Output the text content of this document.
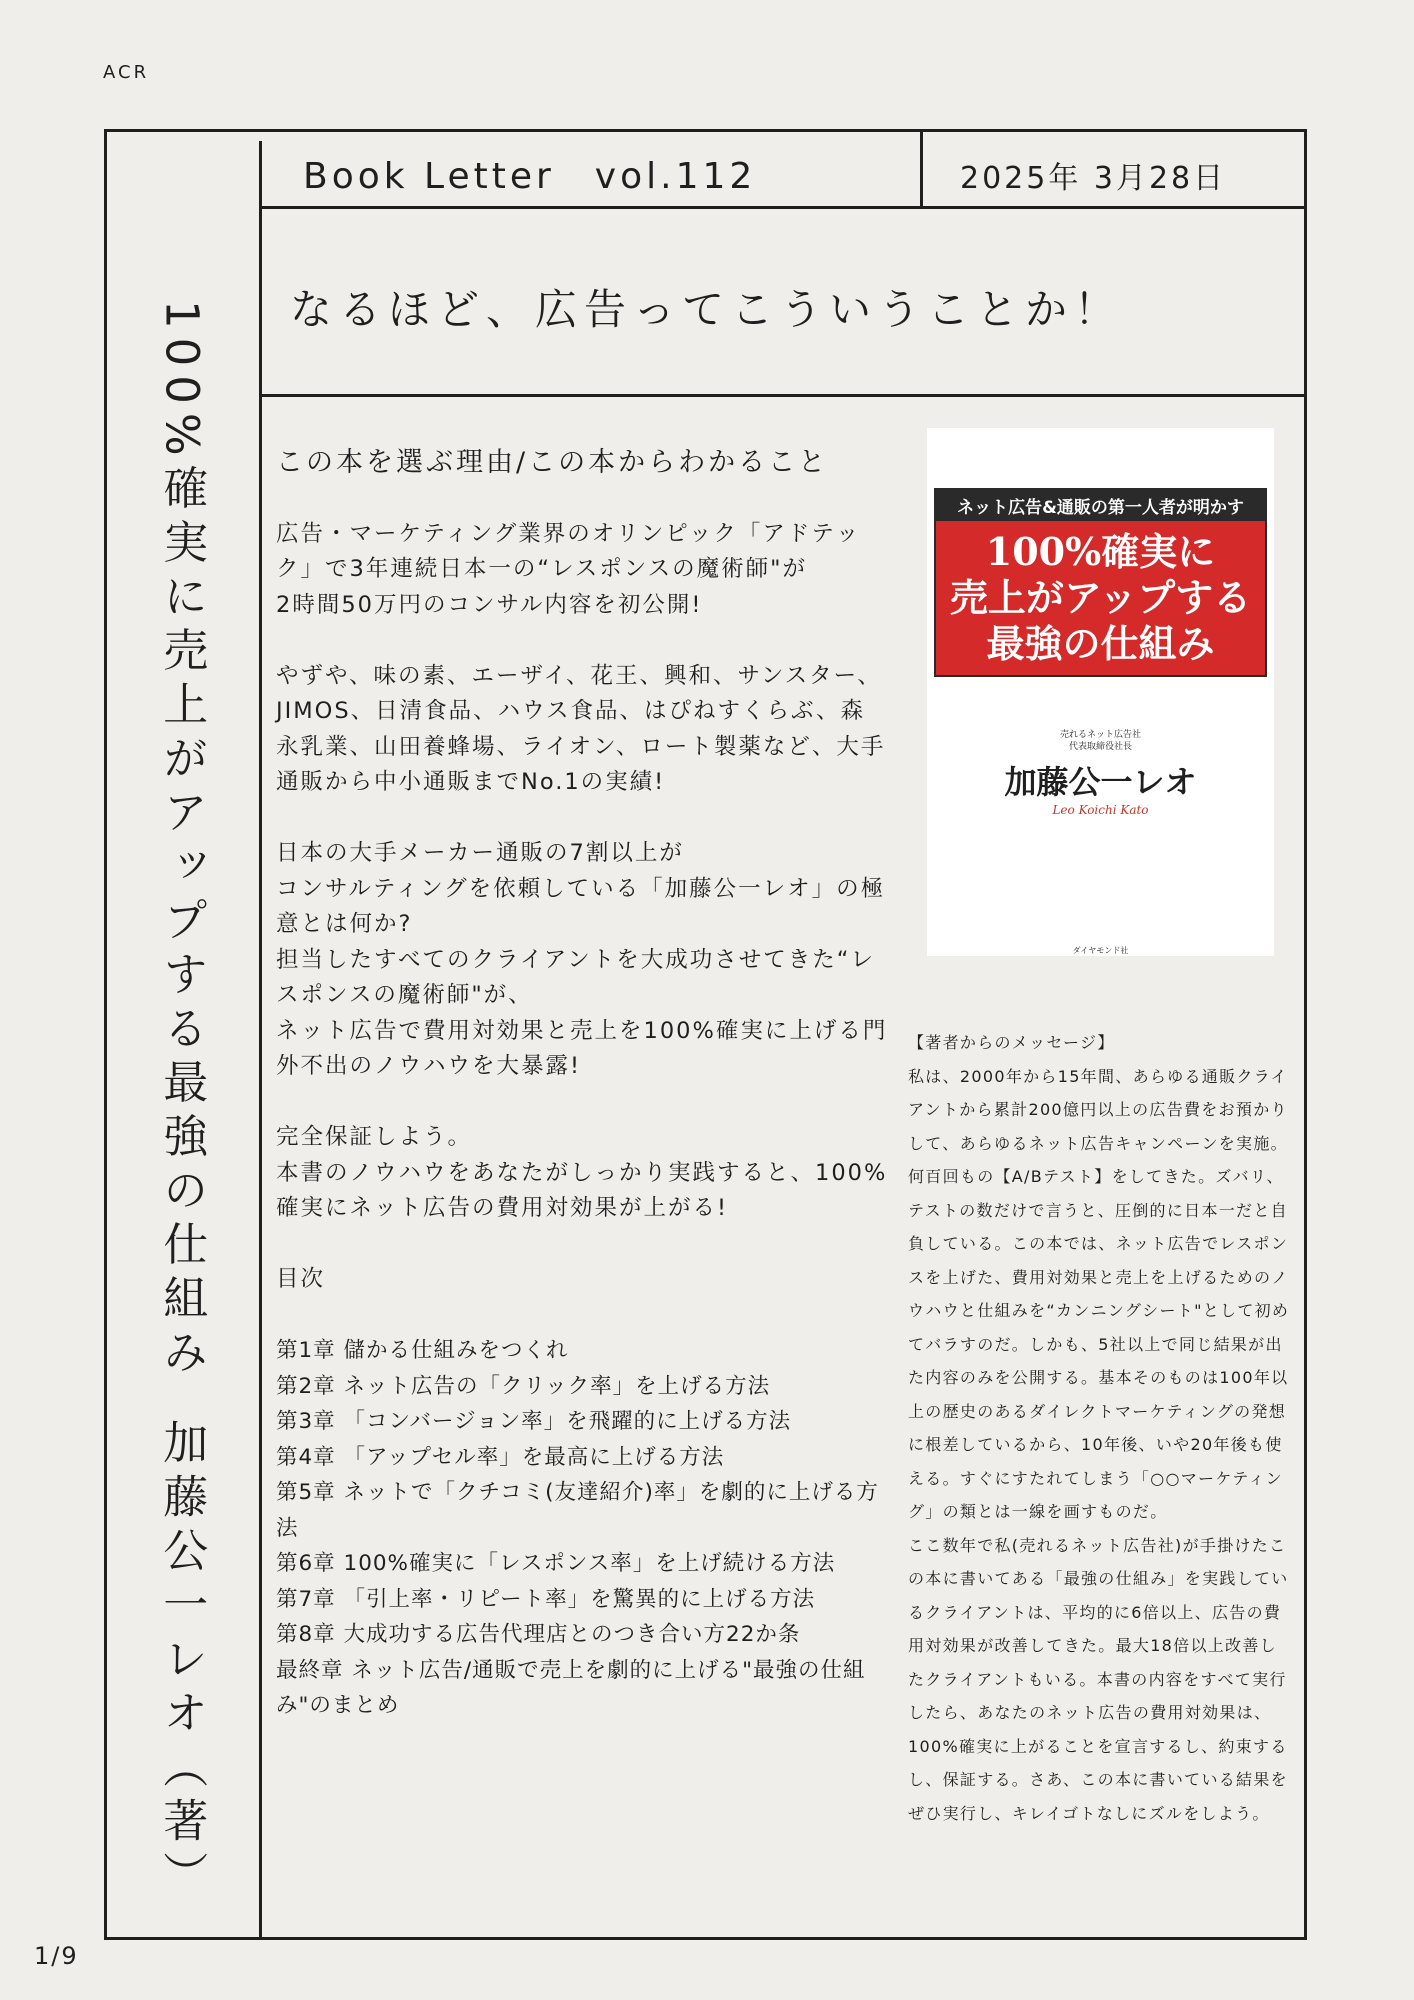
ACR
1/9
100%確実に売上がアップする最強の仕組み加藤公一レオ（著）
Book Letter　vol.112	2025年 3月28日
なるほど、広告ってこういうことか！
この本を選ぶ理由/この本からわかること

広告・マーケティング業界のオリンピック「アドテック」で3年連続日本一の“レスポンスの魔術師"が
2時間50万円のコンサル内容を初公開!

やずや、味の素、エーザイ、花王、興和、サンスター、JIMOS、日清食品、ハウス食品、はぴねすくらぶ、森永乳業、山田養蜂場、ライオン、ロート製薬など、大手通販から中小通販までNo.1の実績!

日本の大手メーカー通販の7割以上が
コンサルティングを依頼している「加藤公一レオ」の極意とは何か?
担当したすべてのクライアントを大成功させてきた“レスポンスの魔術師"が、
ネット広告で費用対効果と売上を100%確実に上げる門外不出のノウハウを大暴露!

完全保証しよう。
本書のノウハウをあなたがしっかり実践すると、100%確実にネット広告の費用対効果が上がる!

目次

第1章 儲かる仕組みをつくれ
第2章 ネット広告の「クリック率」を上げる方法
第3章 「コンバージョン率」を飛躍的に上げる方法
第4章 「アップセル率」を最高に上げる方法
第5章 ネットで「クチコミ(友達紹介)率」を劇的に上げる方法
第6章 100%確実に「レスポンス率」を上げ続ける方法
第7章 「引上率・リピート率」を驚異的に上げる方法
第8章 大成功する広告代理店とのつき合い方22か条
最終章 ネット広告/通販で売上を劇的に上げる"最強の仕組み"のまとめ
ネット広告&通販の第一人者が明かす
100%確実に
売上がアップする
最強の仕組み
売れるネット広告社
代表取締役社長
加藤公一レオ
Leo Koichi Kato
ダイヤモンド社

【著者からのメッセージ】

私は、2000年から15年間、あらゆる通販クライアントから累計200億円以上の広告費をお預かりして、あらゆるネット広告キャンペーンを実施。何百回もの【A/Bテスト】をしてきた。ズバリ、テストの数だけで言うと、圧倒的に日本一だと自負している。この本では、ネット広告でレスポンスを上げた、費用対効果と売上を上げるためのノウハウと仕組みを“カンニングシート"として初めてバラすのだ。しかも、5社以上で同じ結果が出た内容のみを公開する。基本そのものは100年以上の歴史のあるダイレクトマーケティングの発想に根差しているから、10年後、いや20年後も使える。すぐにすたれてしまう「○○マーケティング」の類とは一線を画すものだ。

ここ数年で私(売れるネット広告社)が手掛けたこの本に書いてある「最強の仕組み」を実践しているクライアントは、平均的に6倍以上、広告の費用対効果が改善してきた。最大18倍以上改善したクライアントもいる。本書の内容をすべて実行したら、あなたのネット広告の費用対効果は、100%確実に上がることを宣言するし、約束するし、保証する。さあ、この本に書いている結果をぜひ実行し、キレイゴトなしにズルをしよう。
